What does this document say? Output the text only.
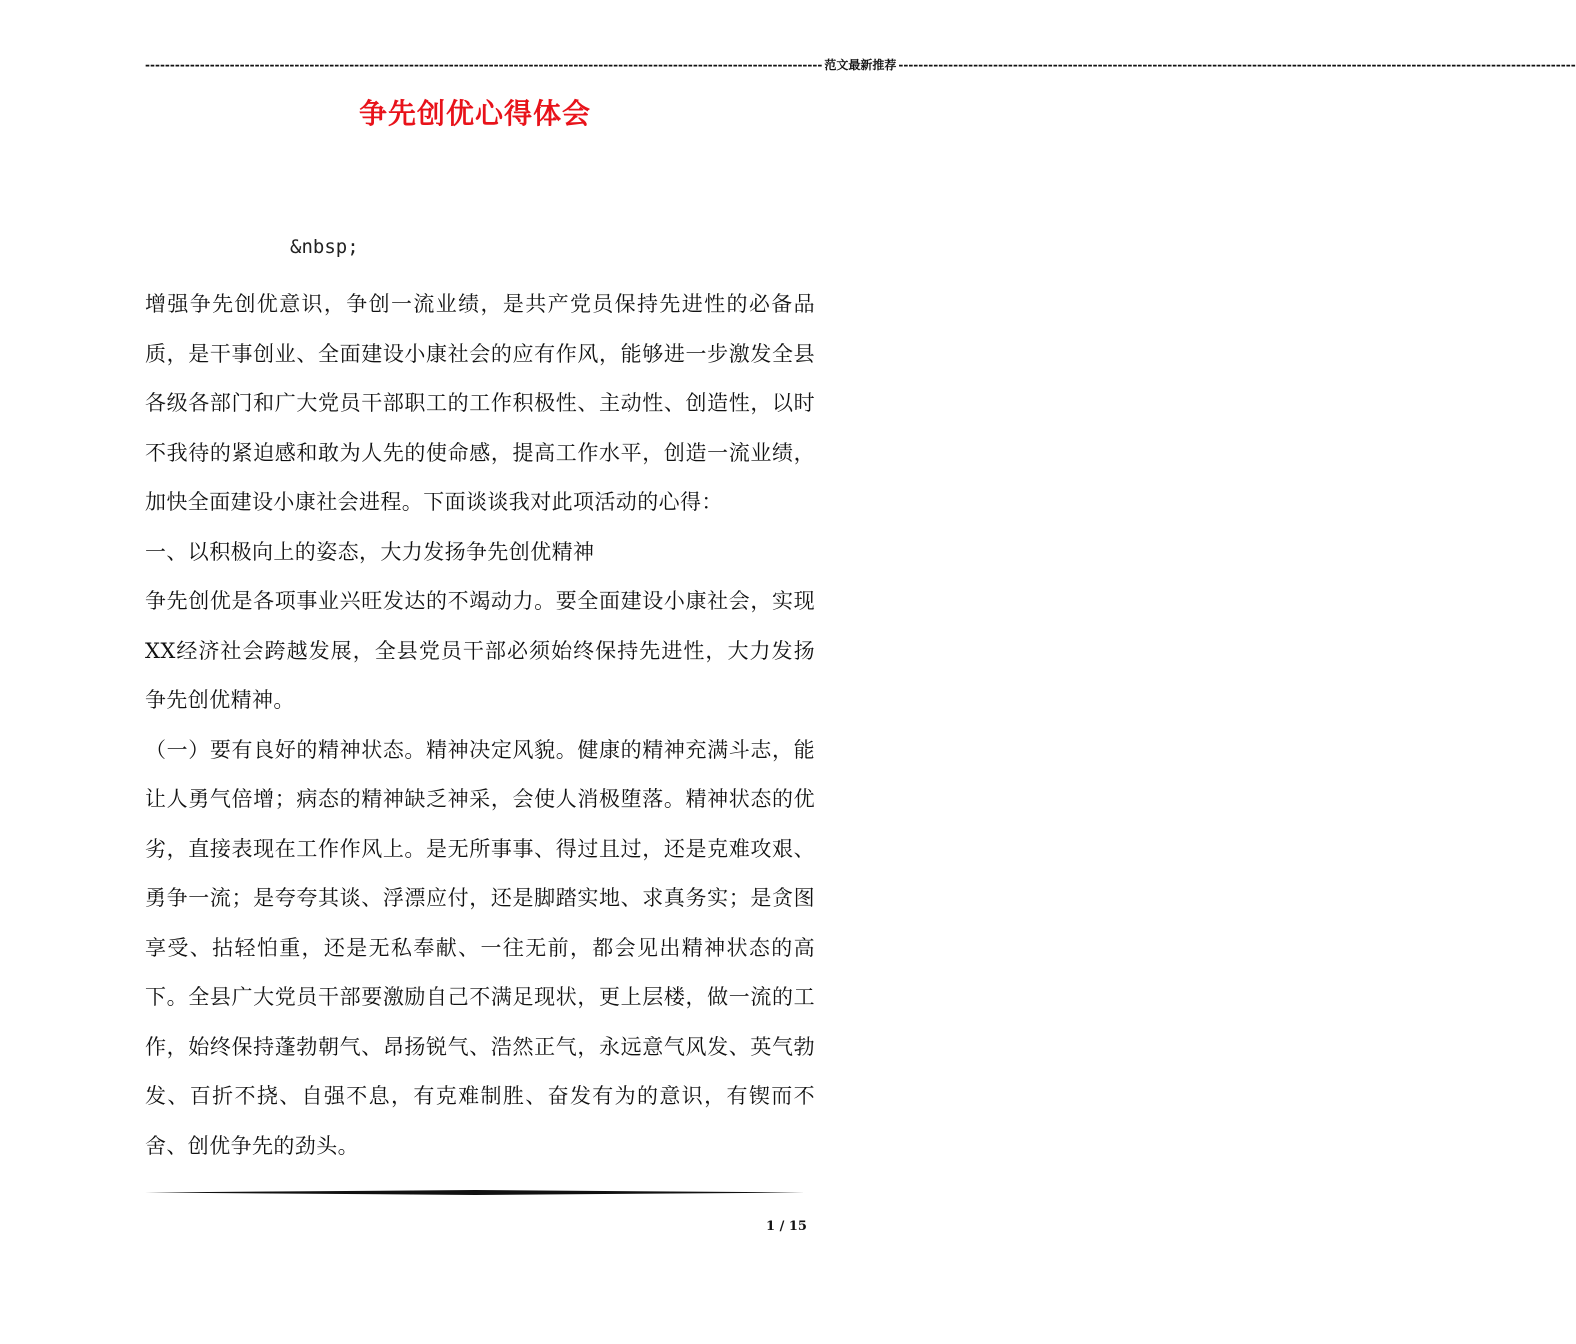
---------------------------------------------------------------------------------------------------------------------------------------- 范文最新推荐 ----------------------------------------------------------------------------------------------------------------------------------------
争先创优心得体会
&nbsp;

增强争先创优意识，争创一流业绩，是共产党员保持先进性的必备品质，是干事创业、全面建设小康社会的应有作风，能够进一步激发全县各级各部门和广大党员干部职工的工作积极性、主动性、创造性，以时不我待的紧迫感和敢为人先的使命感，提高工作水平，创造一流业绩，加快全面建设小康社会进程。下面谈谈我对此项活动的心得：

一、以积极向上的姿态，大力发扬争先创优精神

争先创优是各项事业兴旺发达的不竭动力。要全面建设小康社会，实现XX经济社会跨越发展，全县党员干部必须始终保持先进性，大力发扬争先创优精神。

（一）要有良好的精神状态。精神决定风貌。健康的精神充满斗志，能让人勇气倍增；病态的精神缺乏神采，会使人消极堕落。精神状态的优劣，直接表现在工作作风上。是无所事事、得过且过，还是克难攻艰、勇争一流；是夸夸其谈、浮漂应付，还是脚踏实地、求真务实；是贪图享受、拈轻怕重，还是无私奉献、一往无前，都会见出精神状态的高下。全县广大党员干部要激励自己不满足现状，更上层楼，做一流的工作，始终保持蓬勃朝气、昂扬锐气、浩然正气，永远意气风发、英气勃发、百折不挠、自强不息，有克难制胜、奋发有为的意识，有锲而不舍、创优争先的劲头。

1 / 15
